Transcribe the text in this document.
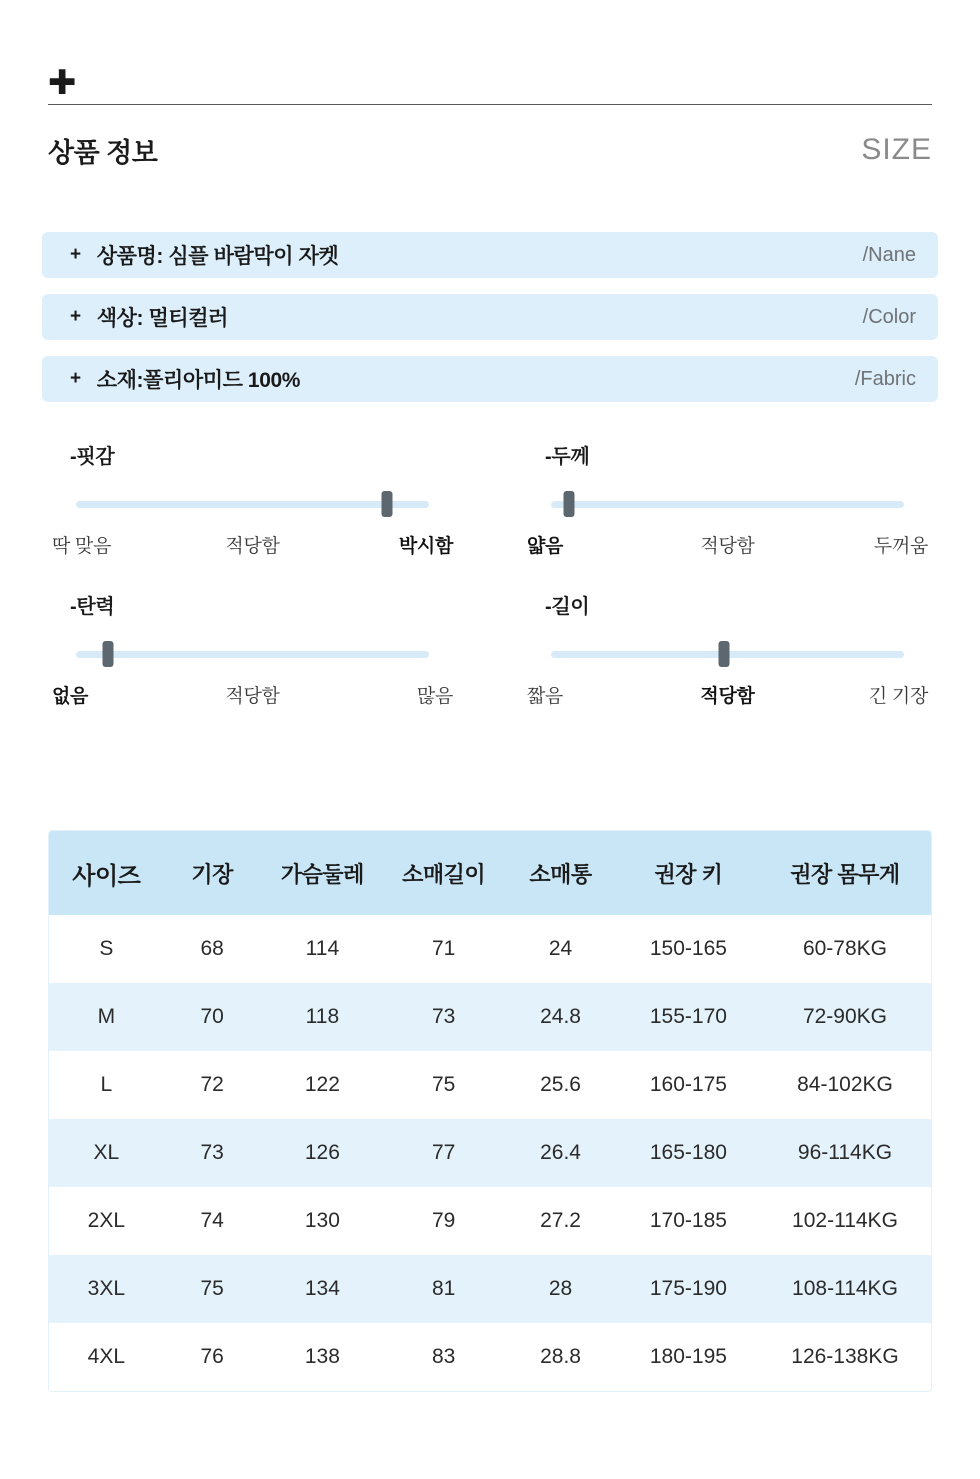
✚
상품 정보	SIZE
+ 상품명: 심플 바람막이 자켓	/Nane
+ 색상: 멀티컬러	/Color
+ 소재:폴리아미드 100%	/Fabric
-핏감
딱 맞음	적당함	박시함
-두께
얇음	적당함	두꺼움
-탄력
없음	적당함	많음
-길이
짧음	적당함	긴 기장
사이즈	기장	가슴둘레	소매길이	소매통	권장 키	권장 몸무게
S	68	114	71	24	150-165	60-78KG
M	70	118	73	24.8	155-170	72-90KG
L	72	122	75	25.6	160-175	84-102KG
XL	73	126	77	26.4	165-180	96-114KG
2XL	74	130	79	27.2	170-185	102-114KG
3XL	75	134	81	28	175-190	108-114KG
4XL	76	138	83	28.8	180-195	126-138KG
